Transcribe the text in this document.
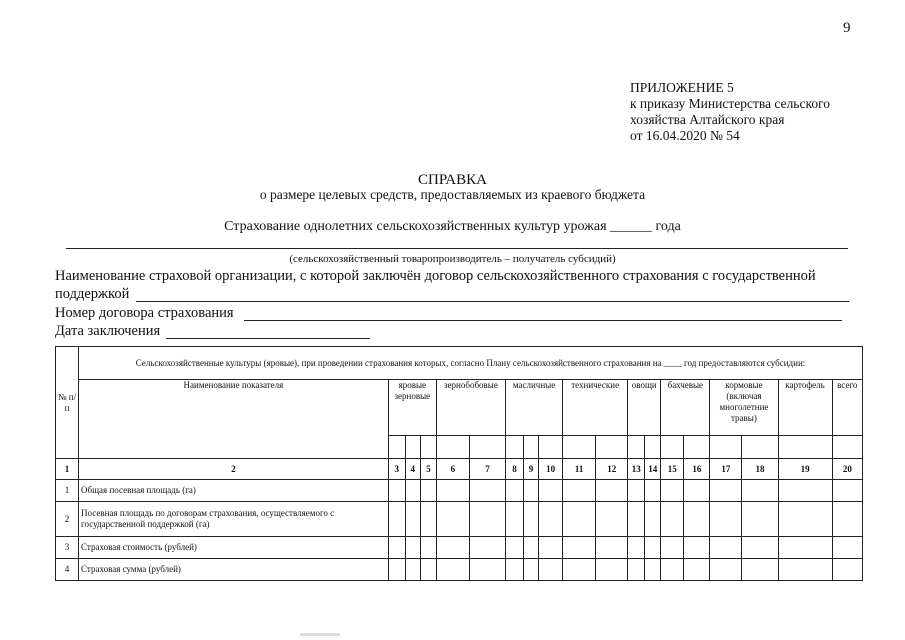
9
ПРИЛОЖЕНИЕ 5
к приказу Министерства сельского
хозяйства Алтайского края
от 16.04.2020 № 54
СПРАВКА
о размере целевых средств, предоставляемых из краевого бюджета
Страхование однолетних сельскохозяйственных культур урожая ______ года
(сельскохозяйственный товаропроизводитель – получатель субсидий)
Наименование страховой организации, с которой заключён договор сельскохозяйственного страхования с государственной
поддержкой
Номер договора страхования
Дата заключения
№ п/п	Сельскохозяйственные культуры (яровые), при проведении страхования которых, согласно Плану сельскохозяйственного страхования на ____ год предоставляются субсидии:																		
	Наименование показателя	яровые зерновые			зернобобовые		масличные			технические		овощи		бахчевые		кормовые (включая многолетние травы)		картофель	всего

1	2	3	4	5	6	7	8	9	10	11	12	13	14	15	16	17	18	19	20
1	Общая посевная площадь (га)																		
2	Посевная площадь по договорам страхования, осуществляемого с государственной поддержкой (га)																		
3	Страховая стоимость (рублей)																		
4	Страховая сумма (рублей)																		
